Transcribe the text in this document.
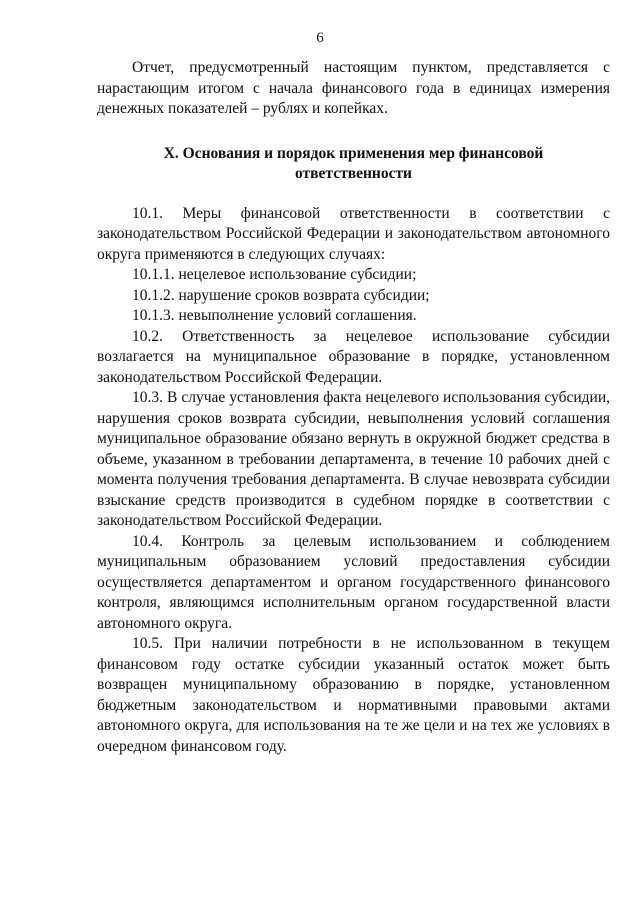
6

Отчет, предусмотренный настоящим пунктом, представляется с нарастающим итогом с начала финансового года в единицах измерения денежных показателей – рублях и копейках.

X. Основания и порядок применения мер финансовой ответственности

10.1. Меры финансовой ответственности в соответствии с законодательством Российской Федерации и законодательством автономного округа применяются в следующих случаях:

10.1.1. нецелевое использование субсидии;

10.1.2. нарушение сроков возврата субсидии;

10.1.3. невыполнение условий соглашения.

10.2. Ответственность за нецелевое использование субсидии возлагается на муниципальное образование в порядке, установленном законодательством Российской Федерации.

10.3. В случае установления факта нецелевого использования субсидии, нарушения сроков возврата субсидии, невыполнения условий соглашения муниципальное образование обязано вернуть в окружной бюджет средства в объеме, указанном в требовании департамента, в течение 10 рабочих дней с момента получения требования департамента. В случае невозврата субсидии взыскание средств производится в судебном порядке в соответствии с законодательством Российской Федерации.

10.4. Контроль за целевым использованием и соблюдением муниципальным образованием условий предоставления субсидии осуществляется департаментом и органом государственного финансового контроля, являющимся исполнительным органом государственной власти автономного округа.

10.5. При наличии потребности в не использованном в текущем финансовом году остатке субсидии указанный остаток может быть возвращен муниципальному образованию в порядке, установленном бюджетным законодательством и нормативными правовыми актами автономного округа, для использования на те же цели и на тех же условиях в очередном финансовом году.
